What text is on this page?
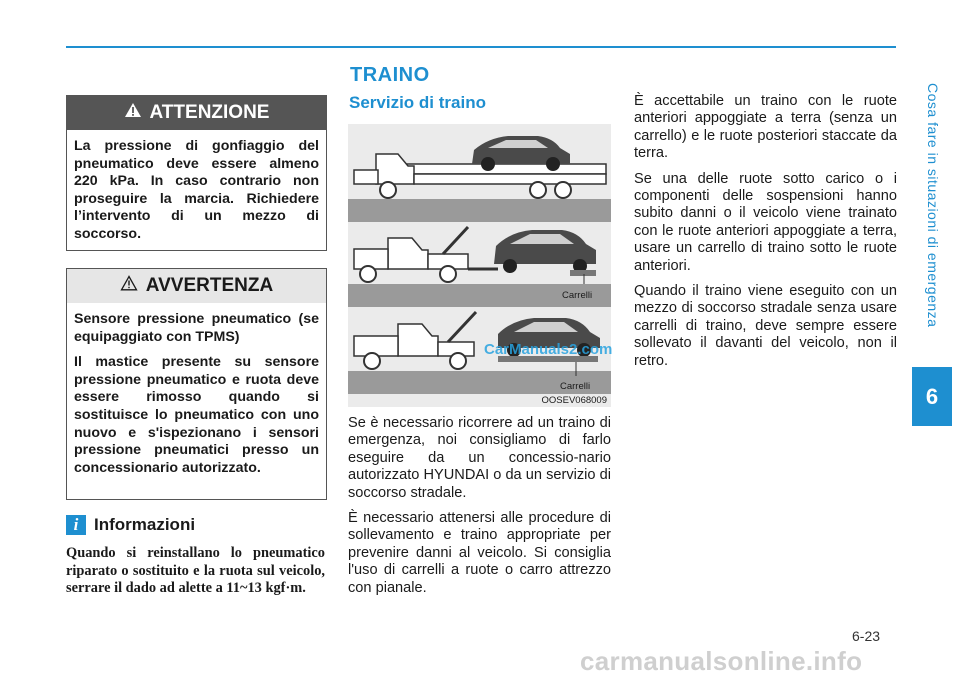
Cosa fare in situazioni di emergenza
6
ATTENZIONE

La pressione di gonfiaggio del pneumatico deve essere almeno 220 kPa. In caso contrario non proseguire la marcia. Richiedere l’intervento di un mezzo di soccorso.

AVVERTENZA

Sensore pressione pneumatico (se equipaggiato con TPMS)

Il mastice presente su sensore pressione pneumatico e ruota deve essere rimosso quando si sostituisce lo pneumatico con uno nuovo e s'ispezionano i sensori pressione pneumatici presso un concessionario autorizzato.

i Informazioni
Quando si reinstallano lo pneumatico riparato o sostituito e la ruota sul veicolo, serrare il dado ad alette a 11~13 kgf·m.
TRAINO
Servizio di traino
Carrelli
Carrelli
OOSEV068009
CarManuals2.com

Se è necessario ricorrere ad un traino di emergenza, noi consigliamo di farlo eseguire da un concessio-nario autorizzato HYUNDAI o da un servizio di soccorso stradale.

È necessario attenersi alle procedure di sollevamento e traino appropriate per prevenire danni al veicolo. Si consiglia l'uso di carrelli a ruote o carro attrezzo con pianale.

È accettabile un traino con le ruote anteriori appoggiate a terra (senza un carrello) e le ruote posteriori staccate da terra.

Se una delle ruote sotto carico o i componenti delle sospensioni hanno subito danni o il veicolo viene trainato con le ruote anteriori appoggiate a terra, usare un carrello di traino sotto le ruote anteriori.

Quando il traino viene eseguito con un mezzo di soccorso stradale senza usare carrelli di traino, deve sempre essere sollevato il davanti del veicolo, non il retro.

6-23
carmanualsonline.info
